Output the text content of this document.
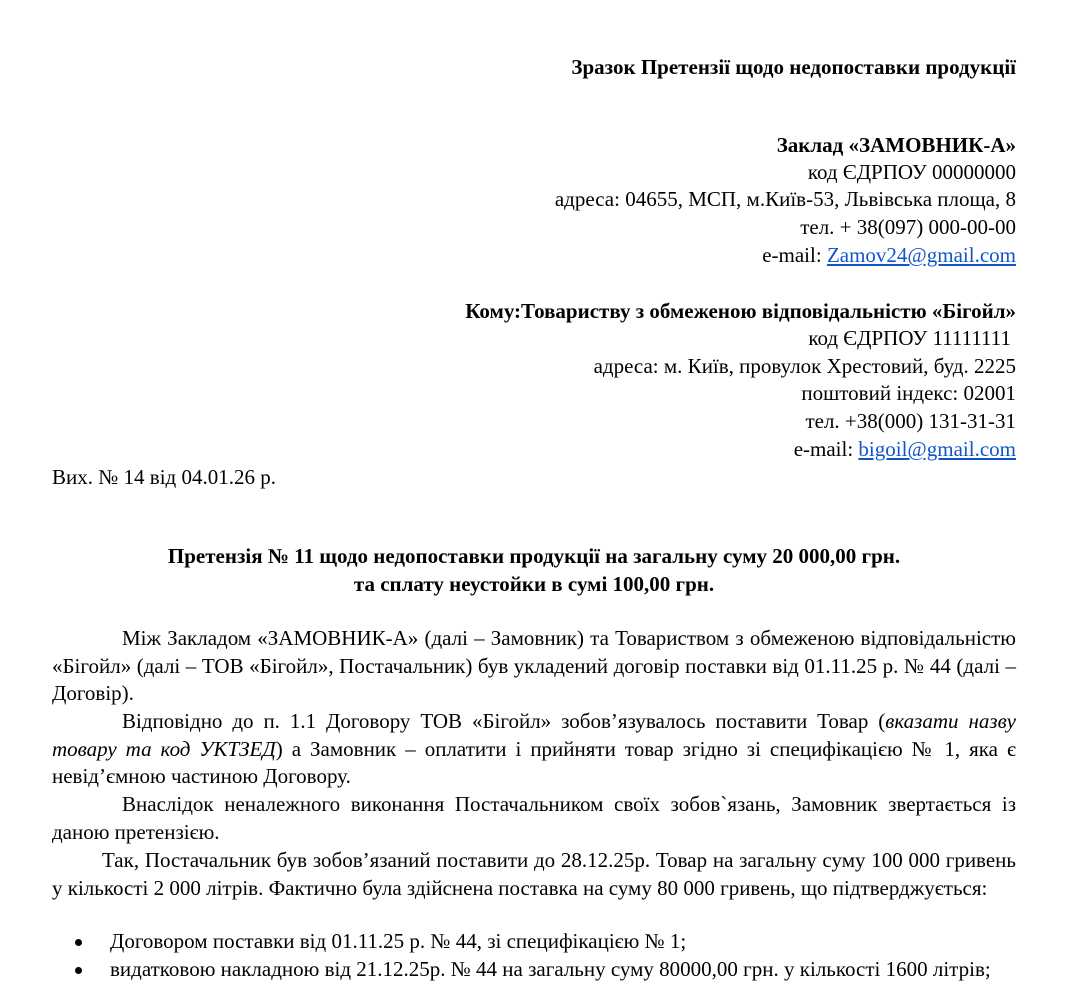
Зразок Претензії щодо недопоставки продукції
Заклад «ЗАМОВНИК-А»
код ЄДРПОУ 00000000
адреса: 04655, МСП, м.Київ-53, Львівська площа, 8
тел. + 38(097) 000-00-00
e-mail: Zamov24@gmail.com
Кому:Товариству з обмеженою відповідальністю «Бігойл»
код ЄДРПОУ 11111111
адреса: м. Київ, провулок Хрестовий, буд. 2225
поштовий індекс: 02001
тел. +38(000) 131-31-31
e-mail: bigoil@gmail.com
Вих. № 14 від 04.01.26 р.
Претензія № 11 щодо недопоставки продукції на загальну суму 20 000,00 грн.
та сплату неустойки в сумі 100,00 грн.
Між Закладом «ЗАМОВНИК-А» (далі – Замовник) та Товариством з обмеженою відповідальністю «Бігойл» (далі – ТОВ «Бігойл», Постачальник) був укладений договір поставки від 01.11.25 р. № 44 (далі – Договір).
Відповідно до п. 1.1 Договору ТОВ «Бігойл» зобов’язувалось поставити Товар (вказати назву товару та код УКТЗЕД) а Замовник – оплатити і прийняти товар згідно зі специфікацією № 1, яка є невід’ємною частиною Договору.
Внаслідок неналежного виконання Постачальником своїх зобов`язань, Замовник звертається із даною претензією.
Так, Постачальник був зобов’язаний поставити до 28.12.25р. Товар на загальну суму 100 000 гривень у кількості 2 000 літрів. Фактично була здійснена поставка на суму 80 000 гривень, що підтверджується:
Договором поставки від 01.11.25 р. № 44, зі специфікацією № 1;
видатковою накладною від 21.12.25р. № 44 на загальну суму 80000,00 грн. у кількості 1600 літрів;
